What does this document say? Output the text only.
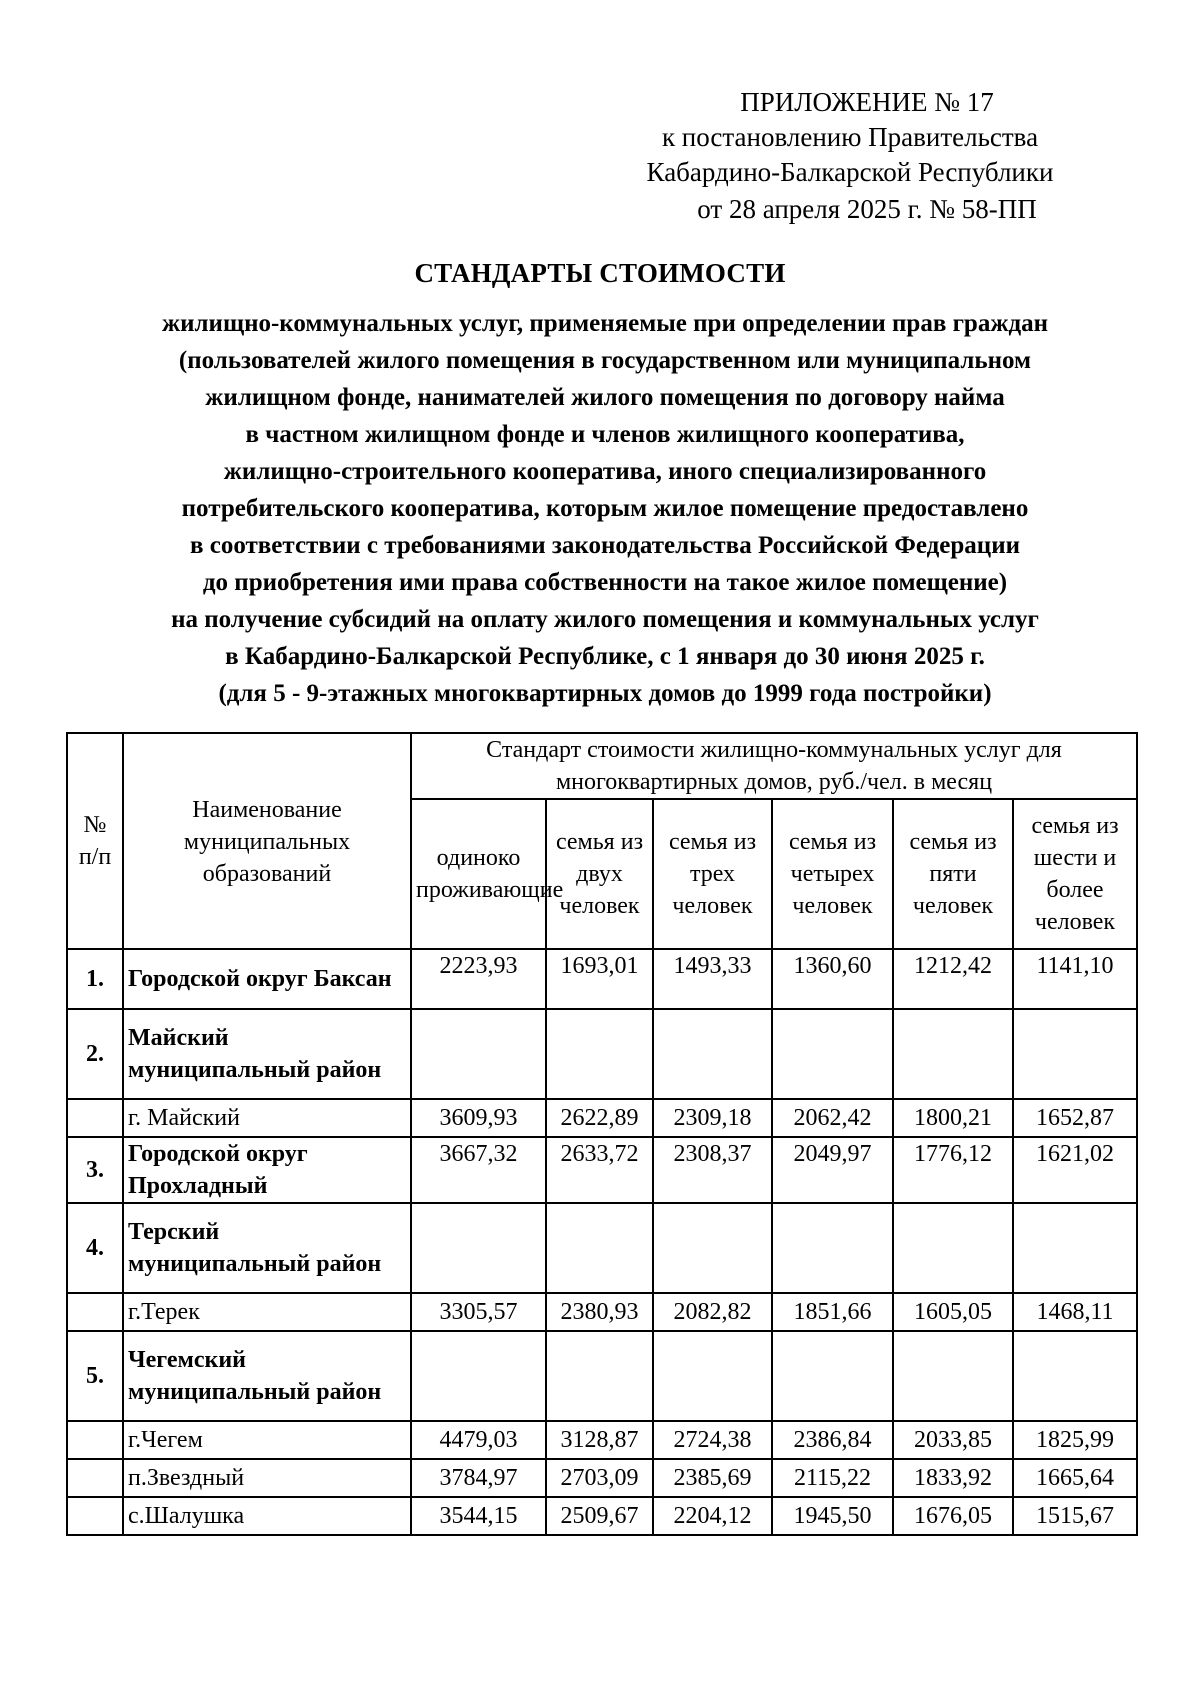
ПРИЛОЖЕНИЕ № 17
к постановлению Правительства
Кабардино-Балкарской Республики
от 28 апреля 2025 г. № 58-ПП
СТАНДАРТЫ СТОИМОСТИ
жилищно-коммунальных услуг, применяемые при определении прав граждан
(пользователей жилого помещения в государственном или муниципальном
жилищном фонде, нанимателей жилого помещения по договору найма
в частном жилищном фонде и членов жилищного кооператива,
жилищно-строительного кооператива, иного специализированного
потребительского кооператива, которым жилое помещение предоставлено
в соответствии с требованиями законодательства Российской Федерации
до приобретения ими права собственности на такое жилое помещение)
на получение субсидий на оплату жилого помещения и коммунальных услуг
в Кабардино-Балкарской Республике, с 1 января до 30 июня 2025 г.
(для 5 - 9-этажных многоквартирных домов до 1999 года постройки)
№ п/п	Наименование муниципальных образований	Стандарт стоимости жилищно-коммунальных услуг для многоквартирных домов, руб./чел. в месяц					
		одиноко проживающие	семья из двух человек	семья из трех человек	семья из четырех человек	семья из пяти человек	семья из шести и более человек
1.	Городской округ Баксан	2223,93	1693,01	1493,33	1360,60	1212,42	1141,10
2.	Майский муниципальный район						
	г. Майский	3609,93	2622,89	2309,18	2062,42	1800,21	1652,87
3.	Городской округ Прохладный	3667,32	2633,72	2308,37	2049,97	1776,12	1621,02
4.	Терский муниципальный район						
	г.Терек	3305,57	2380,93	2082,82	1851,66	1605,05	1468,11
5.	Чегемский муниципальный район						
	г.Чегем	4479,03	3128,87	2724,38	2386,84	2033,85	1825,99
	п.Звездный	3784,97	2703,09	2385,69	2115,22	1833,92	1665,64
	с.Шалушка	3544,15	2509,67	2204,12	1945,50	1676,05	1515,67
